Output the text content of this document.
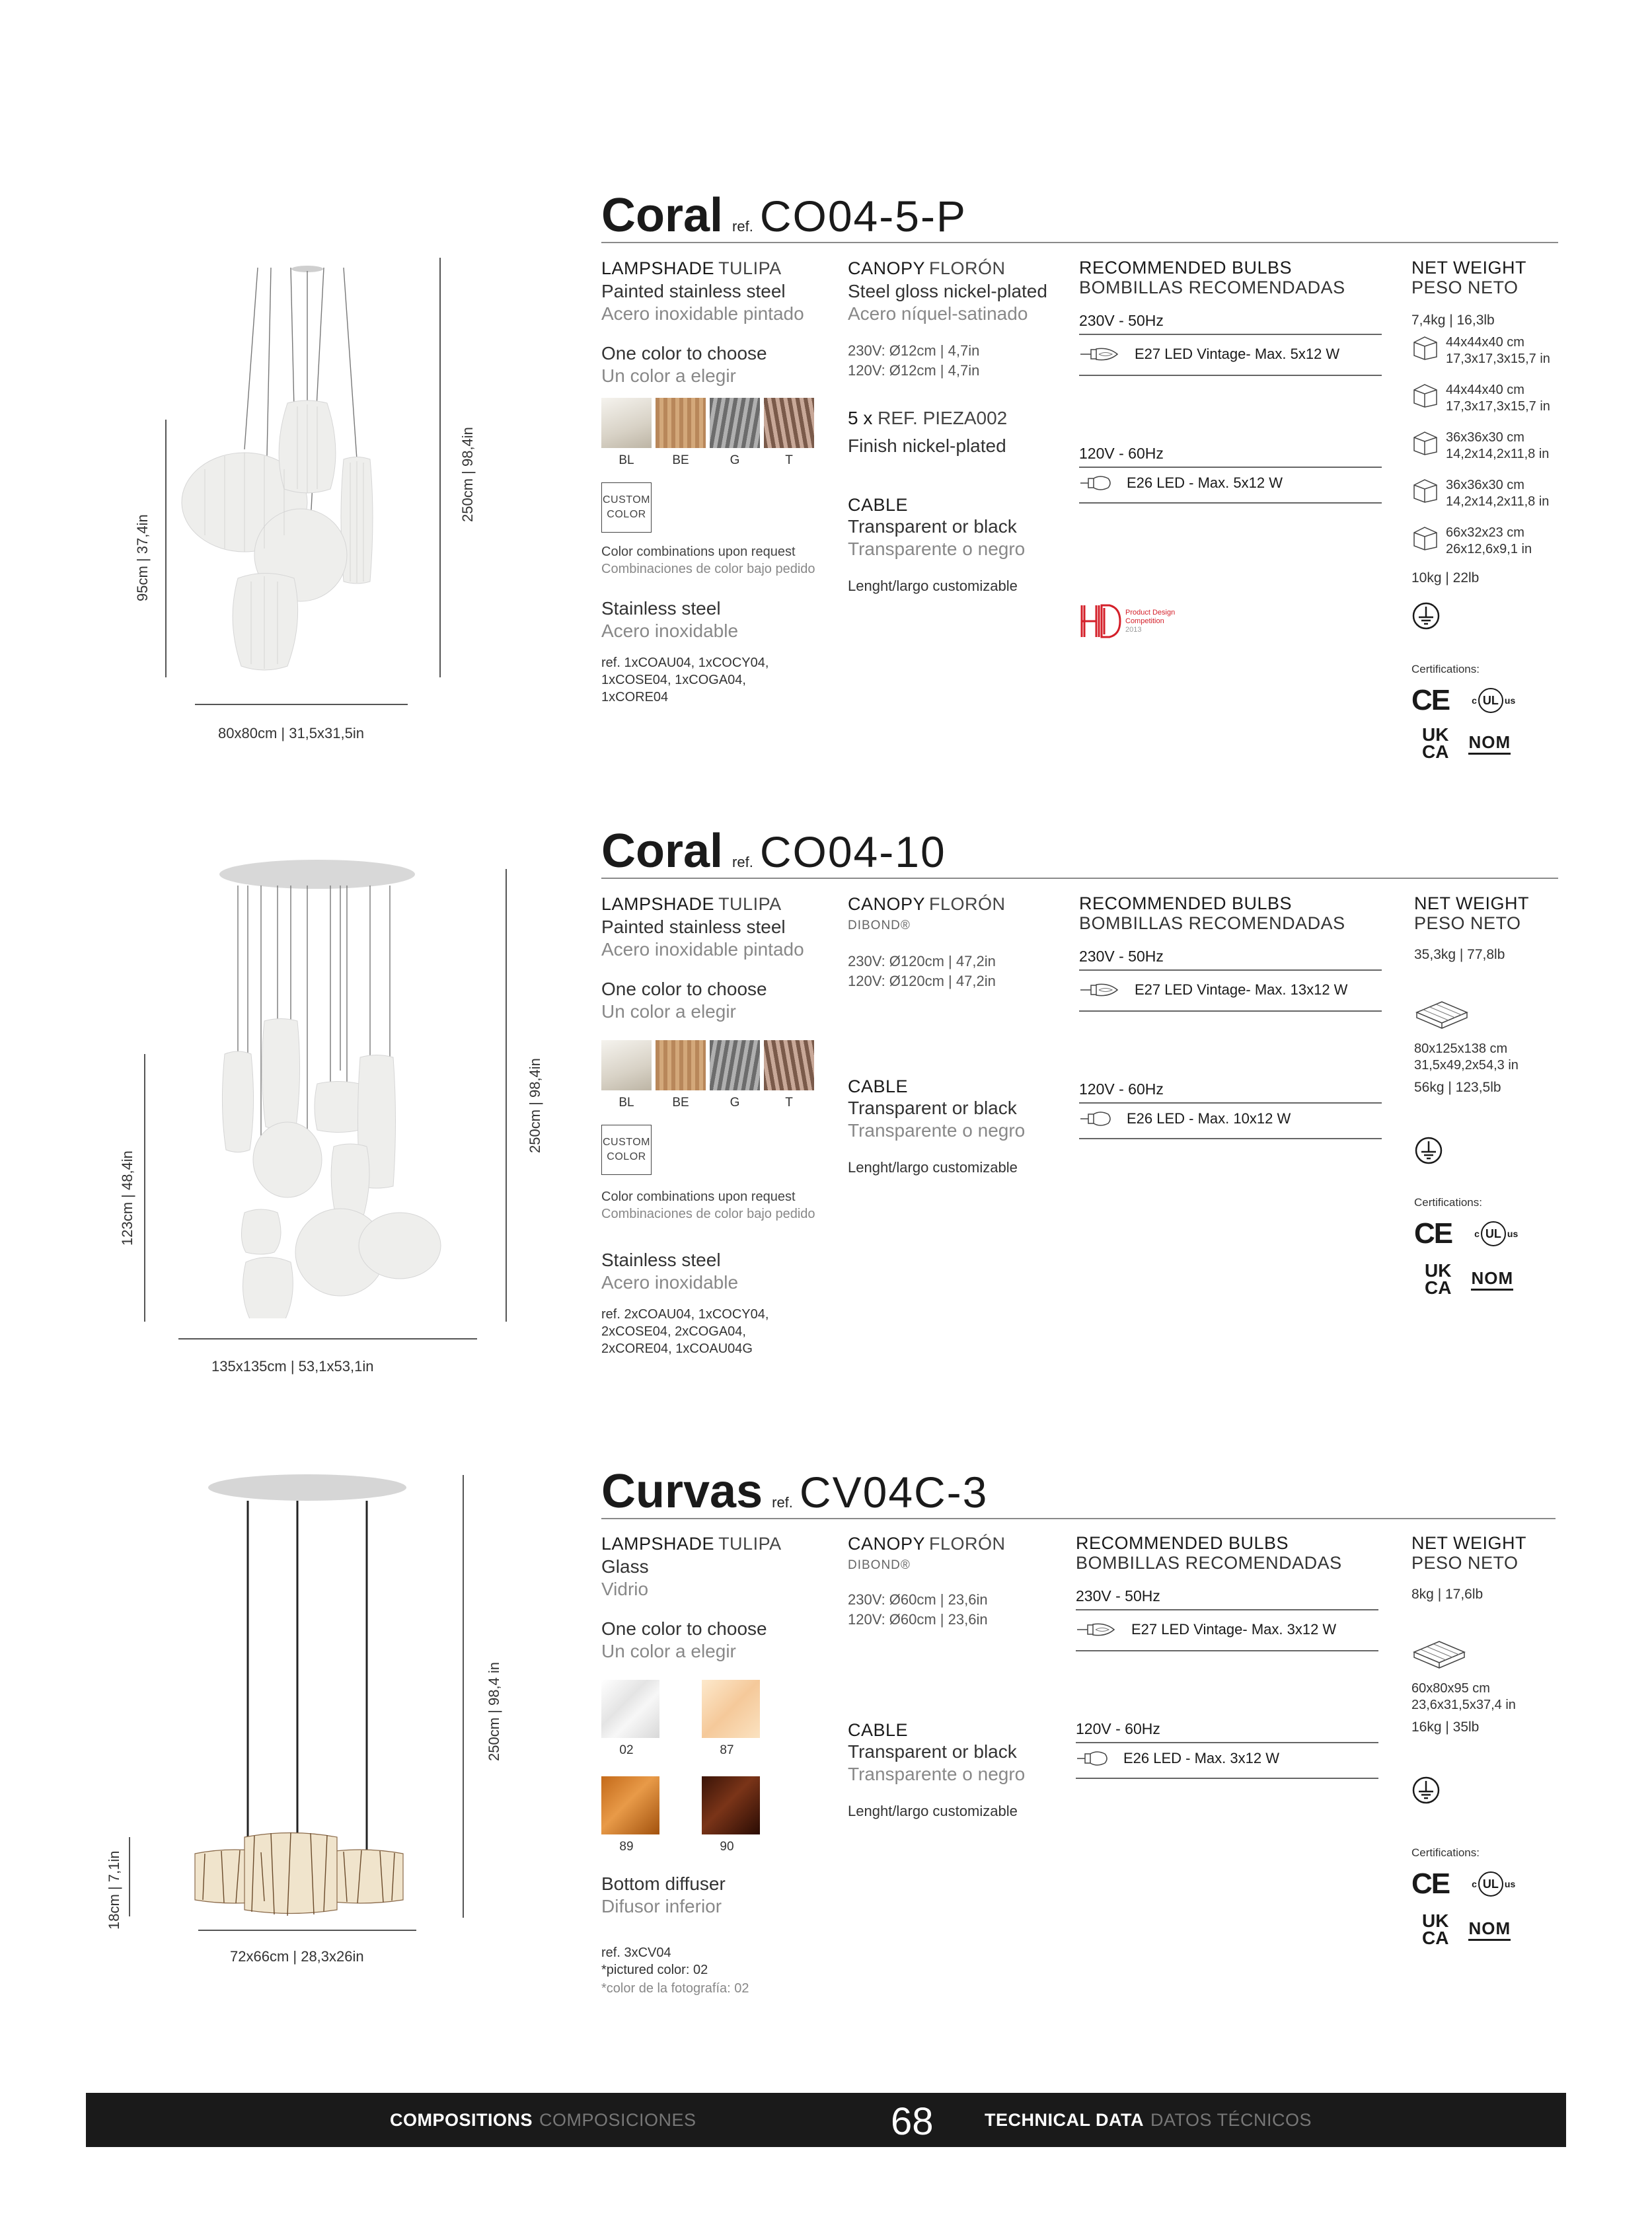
95cm | 37,4in
250cm | 98,4in
80x80cm | 31,5x31,5in
Coral ref. CO04-5-P
LAMPSHADE TULIPA
Painted stainless steel
Acero inoxidable pintado
One color to choose
Un color a elegir
BL	BE	G	T
CUSTOM
COLOR
Color combinations upon request
Combinaciones de color bajo pedido
Stainless steel
Acero inoxidable
ref. 1xCOAU04, 1xCOCY04,
1xCOSE04, 1xCOGA04,
1xCORE04
CANOPY FLORÓN
Steel gloss nickel-plated
Acero níquel-satinado
230V: Ø12cm | 4,7in
120V: Ø12cm | 4,7in
5 x REF. PIEZA002
Finish nickel-plated
CABLE
Transparent or black
Transparente o negro
Lenght/largo customizable
RECOMMENDED BULBS
BOMBILLAS RECOMENDADAS
230V - 50Hz
E27 LED Vintage- Max. 5x12 W
120V - 60Hz
E26 LED - Max. 5x12 W
Product Design
Competition
2013
NET WEIGHT
PESO NETO
7,4kg | 16,3lb
44x44x40 cm
17,3x17,3x15,7 in
44x44x40 cm
17,3x17,3x15,7 in
36x36x30 cm
14,2x14,2x11,8 in
36x36x30 cm
14,2x14,2x11,8 in
66x32x23 cm
26x12,6x9,1 in
10kg | 22lb
Certifications:
CE c UL us
UK
CA NOM
123cm | 48,4in
250cm | 98,4in
135x135cm | 53,1x53,1in
Coral ref. CO04-10
LAMPSHADE TULIPA
Painted stainless steel
Acero inoxidable pintado
One color to choose
Un color a elegir
BL	BE	G	T
CUSTOM
COLOR
Color combinations upon request
Combinaciones de color bajo pedido
Stainless steel
Acero inoxidable
ref. 2xCOAU04, 1xCOCY04,
2xCOSE04, 2xCOGA04,
2xCORE04, 1xCOAU04G
CANOPY FLORÓN
DIBOND®
230V: Ø120cm | 47,2in
120V: Ø120cm | 47,2in
CABLE
Transparent or black
Transparente o negro
Lenght/largo customizable
RECOMMENDED BULBS
BOMBILLAS RECOMENDADAS
230V - 50Hz
E27 LED Vintage- Max. 13x12 W
120V - 60Hz
E26 LED - Max. 10x12 W
NET WEIGHT
PESO NETO
35,3kg | 77,8lb
80x125x138 cm
31,5x49,2x54,3 in
56kg | 123,5lb
Certifications:
CE c UL us
UK
CA NOM
18cm | 7,1in
250cm | 98,4 in
72x66cm | 28,3x26in
Curvas ref. CV04C-3
LAMPSHADE TULIPA
Glass
Vidrio
One color to choose
Un color a elegir
02	87
89	90
Bottom diffuser
Difusor inferior
ref. 3xCV04
*pictured color: 02
*color de la fotografía: 02
CANOPY FLORÓN
DIBOND®
230V: Ø60cm | 23,6in
120V: Ø60cm | 23,6in
CABLE
Transparent or black
Transparente o negro
Lenght/largo customizable
RECOMMENDED BULBS
BOMBILLAS RECOMENDADAS
230V - 50Hz
E27 LED Vintage- Max. 3x12 W
120V - 60Hz
E26 LED - Max. 3x12 W
NET WEIGHT
PESO NETO
8kg | 17,6lb
60x80x95 cm
23,6x31,5x37,4 in
16kg | 35lb
Certifications:
CE c UL us
UK
CA NOM
COMPOSITIONS COMPOSICIONES	68	TECHNICAL DATA DATOS TÉCNICOS
